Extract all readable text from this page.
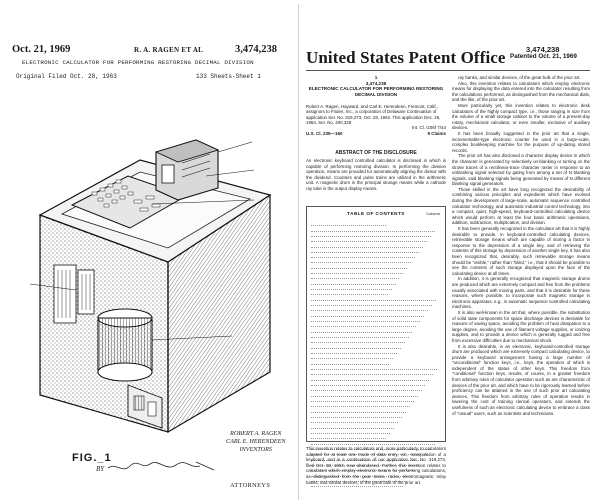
Oct. 21, 1969	R. A. RAGEN ET AL	3,474,238
ELECTRONIC CALCULATOR FOR PERFORMING RESTORING DECIMAL DIVISION
Original Filed Oct. 28, 1963	133 Sheets-Sheet 1
FIG._1
ROBERT A. RAGEN
CARL E. HERENDEEN
INVENTORS
BY
ATTORNEYS
3,474,238
United States Patent Office Patented Oct. 21, 1969
1
3,474,238
ELECTRONIC CALCULATOR FOR PERFORMING RESTORING DECIMAL DIVISION
Robert A. Ragen, Hayward, and Carl E. Herendeen, Fremont, Calif., assignors to Friden, Inc., a corporation of Delaware Continuation of application Ser. No. 319,273, Oct. 28, 1963. This application Dec. 26, 1964, Ser. No. 400,328
U.S. Cl. 235—160	9 Claims
Int. Cl. G06f 7/44
ABSTRACT OF THE DISCLOSURE
An electronic keyboard controlled calculator is disclosed in which is capable of performing restoring division. In performing the division operation, means are provided for automatically aligning the divisor with the dividend. Counters and pulse trains are utilized in the arithmetic unit. A magnetic drum is the principal storage means while a cathode ray tube is the output display means.
TABLE OF CONTENTS	Column
This invention relates to calculators and, more particularly, to calculators adapted for at least one mode of data entry, viz., manipulation of a keyboard, and is a continuation of our application Ser. No. 319,273, filed Oct. 28, 1963, now abandoned. Further, this invention relates to calculators which employ electronic means for performing calculations, as distinguished from the gear trains, racks, electromagnetic relay banks, and similar devices, of the great bulk of the prior art.

ray banks, and similar devices, of the great bulk of the prior art.

Also, this invention relates to calculators which employ electronic means for displaying the data entered into the calculator resulting from the calculations performed, as distinguished from the mechanical dials, and the like, of the prior art.

More particularly yet, this invention relates to electronic desk calculators of the highly compact type, i.e., those ranging in size from the volume of a small storage cabinet to the volume of a present-day rotary, mechanical calculator, or even smaller, exclusive of auxiliary devices.

It has been broadly suggested in the prior art that a single, incrementable-type electronic counter be used in a large-scale, complex bookkeeping machine for the purpose of up-dating stored records.

The prior art has also disclosed a character display device in which the character is generated by selectively un-blanking or turning on the stroke traces of a rectilinear-trace character raster in response to an unblanking signal selected by gating from among a set of N blanking signals, said blanking signals being generated by means of N different blanking signal generators.

Those skilled in the art have long recognized the desirability of combining various principles and expedients which have evolved during the development of large-scale, automatic sequence controlled calculator technology, and automatic industrial control technology, into a compact, quiet, high-speed, keyboard-controlled calculating device which would perform at least the four basic arithmetic operations, addition, subtraction, multiplication, and division.

It has been generally recognized in the calculator art that it is highly desirable to provide, in keyboard-controlled calculating devices, retrievable storage means which are capable of storing a factor in response to the depression of a single key, and of retrieving the contents of this storage by depression of another single key. It has also been recognized that, desirably, such retrievable storage means should be "visible," rather than "blind," i.e., that it should be possible to see the contents of such storage displayed upon the face of the calculating device at all times.

In addition, it is generally recognized that magnetic storage drums are produced which are extremely compact and free from the problems usually associated with moving parts, and that it is desirable for these reasons, where possible, to incorporate such magnetic storage in electronic apparatus, e.g., in automatic sequence controlled calculating machines.

It is also well-known in the art that, where possible, the substitution of solid state components for space discharge devices is desirable for reasons of saving space, avoiding the problem of heat dissipation to a large degree, avoiding the use of filament voltage supplies, or ionizing supplies, and to provide a device which is generally rugged and free from excessive difficulties due to mechanical shock.

It is also desirable, in an electronic, keyboard-controlled storage drum are produced which are extremely compact calculating device, to provide a keyboard arrangement having a large number of "unconditional" function keys, i.e., keys, the operation of which is independent of the status of other keys. This freedom from "conditional" function keys, results, of course, in a greater freedom from arbitrary rules of calculator operation such as are characteristic of devices of the prior art, and which have to be rigorously learned before proficiency can be attained in the use of such prior art calculating devices. This freedom from arbitrary rules of operation results in lowering the cost of training clerical operators, and extends the usefulness of such an electronic calculating device to embrace a class of "casual" users, such as scientists and technicians.
